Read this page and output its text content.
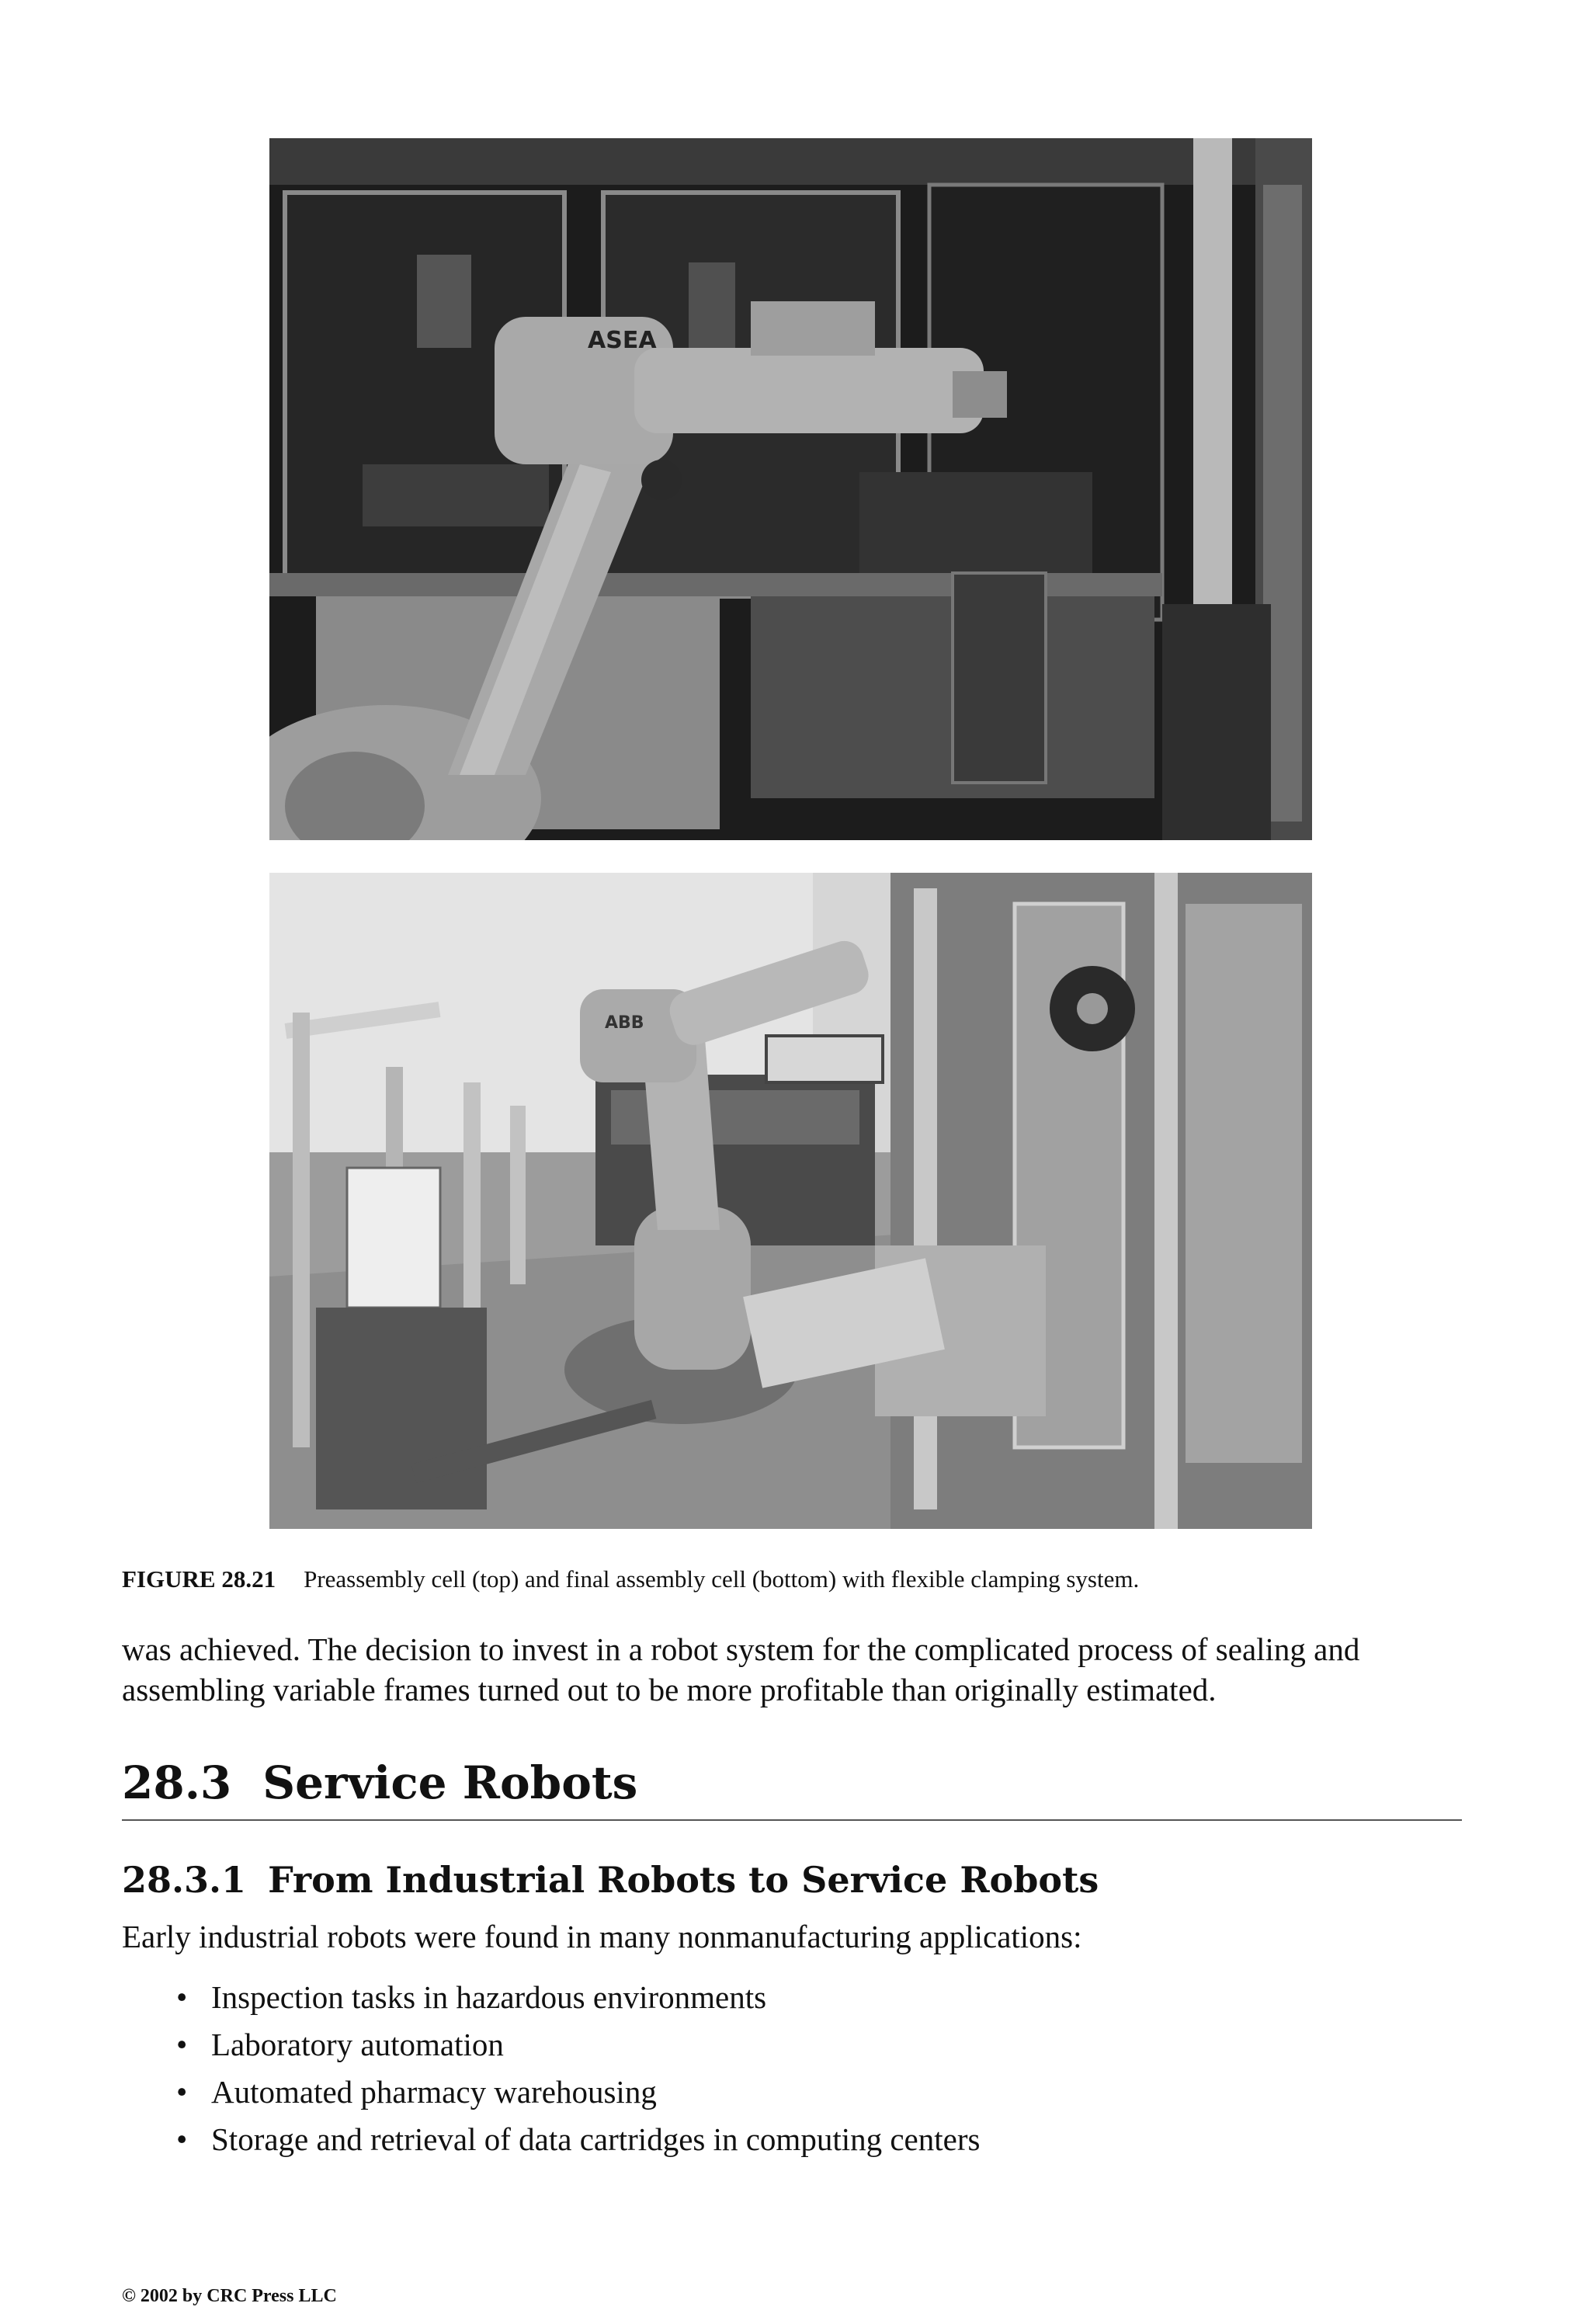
ASEA
ABB
FIGURE 28.21 Preassembly cell (top) and final assembly cell (bottom) with flexible clamping system.

was achieved. The decision to invest in a robot system for the complicated process of sealing and assembling variable frames turned out to be more profitable than originally estimated.

28.3 Service Robots
28.3.1 From Industrial Robots to Service Robots

Early industrial robots were found in many nonmanufacturing applications:

• Inspection tasks in hazardous environments
• Laboratory automation
• Automated pharmacy warehousing
• Storage and retrieval of data cartridges in computing centers
© 2002 by CRC Press LLC
